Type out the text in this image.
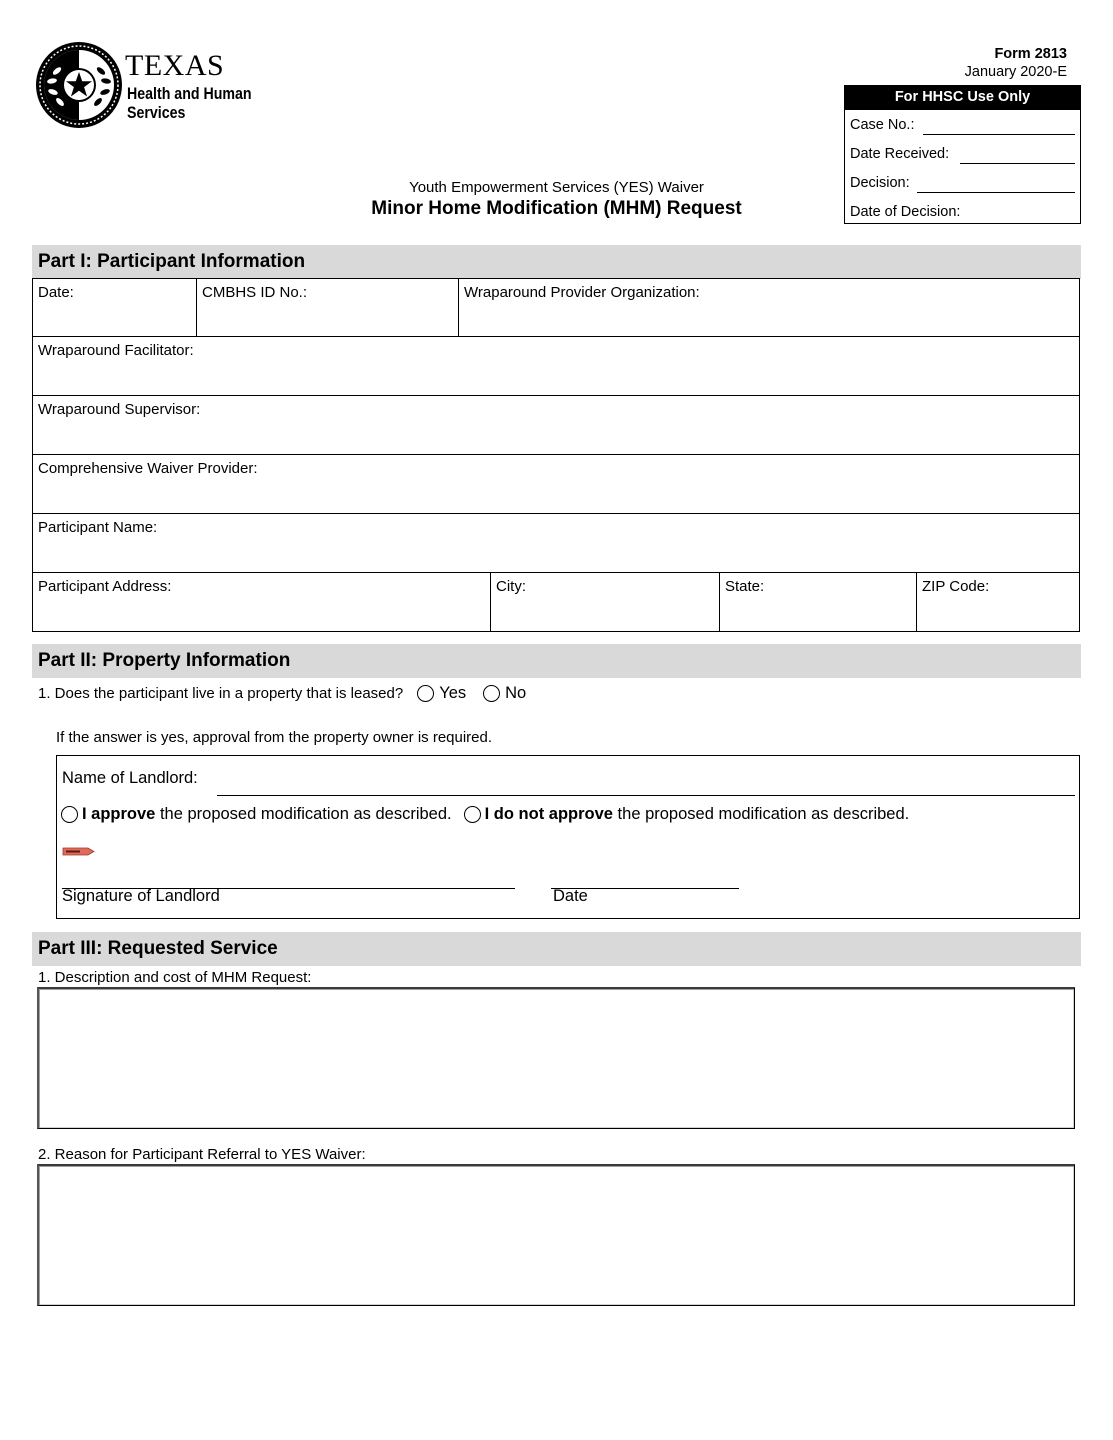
TEXAS
Health and Human
Services
Form 2813
January 2020-E
For HHSC Use Only
Case No.:
Date Received:
Decision:
Date of Decision:
Youth Empowerment Services (YES) Waiver
Minor Home Modification (MHM) Request
Part I: Participant Information
Date:	CMBHS ID No.:	Wraparound Provider Organization:
Wraparound Facilitator:
Wraparound Supervisor:
Comprehensive Waiver Provider:
Participant Name:
Participant Address:	City:	State:	ZIP Code:
Part II: Property Information
1. Does the participant live in a property that is leased? Yes No
If the answer is yes, approval from the property owner is required.
Name of Landlord:
I approve the proposed modification as described. I do not approve the proposed modification as described.
Signature of Landlord	Date
Part III: Requested Service
1. Description and cost of MHM Request:
2. Reason for Participant Referral to YES Waiver:
